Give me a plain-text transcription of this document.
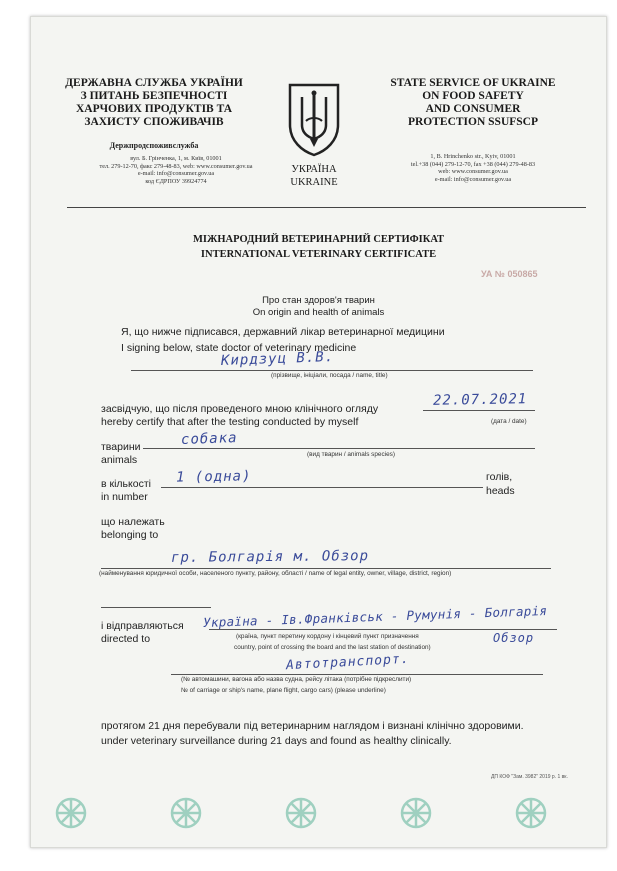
ДЕРЖАВНА СЛУЖБА УКРАЇНИ
З ПИТАНЬ БЕЗПЕЧНОСТІ
ХАРЧОВИХ ПРОДУКТІВ ТА
ЗАХИСТУ СПОЖИВАЧІВ
Держпродспоживслужба
вул. Б. Грінченка, 1, м. Київ, 01001
тел. 279-12-70, факс 279-48-83, web: www.consumer.gov.ua
e-mail: info@consumer.gov.ua
код ЄДРПОУ 39924774
УКРАЇНА
UKRAINE
STATE SERVICE OF UKRAINE
ON FOOD SAFETY
AND CONSUMER
PROTECTION SSUFSCP
1, B. Hrinchenko str., Kyiv, 01001
tel.+38 (044) 279-12-70, fax +38 (044) 279-48-83
web: www.consumer.gov.ua
e-mail: info@consumer.gov.ua
МІЖНАРОДНИЙ ВЕТЕРИНАРНИЙ СЕРТИФІКАТ
INTERNATIONAL VETERINARY CERTIFICATE
УА № 050865
Про стан здоров'я тварин
On origin and health of animals
Я, що нижче підписався, державний лікар ветеринарної медицини
I signing below, state doctor of veterinary medicine
Кирдзуц В.В.
(прізвище, ініціали, посада / name, title)
засвідчую, що після проведеного мною клінічного огляду
hereby certify that after the testing conducted by myself
22.07.2021
(дата / date)
тварини
animals
собака
(вид тварин / animals species)
в кількості
in number
1 (одна)	голів,
heads
що належать
belonging to
гр. Болгарія м. Обзор
(найменування юридичної особи, населеного пункту, району, області / name of legal entity, owner, village, district, region)
і відправляються
directed to
Україна - Ів.Франківськ - Румунія - Болгарія
Обзор
(країна, пункт перетину кордону і кінцевий пункт призначення
country, point of crossing the board and the last station of destination)
Автотранспорт.
(№ автомашини, вагона або назва судна, рейсу літака (потрібне підкреслити)
№ of carriage or ship's name, plane flight, cargo cars) (please underline)
протягом 21 дня перебували під ветеринарним наглядом і визнані клінічно здоровими.
under veterinary surveillance during 21 days and found as healthy clinically.
ДП КОФ "Зам. 3982" 2019 р. 1 вк.
